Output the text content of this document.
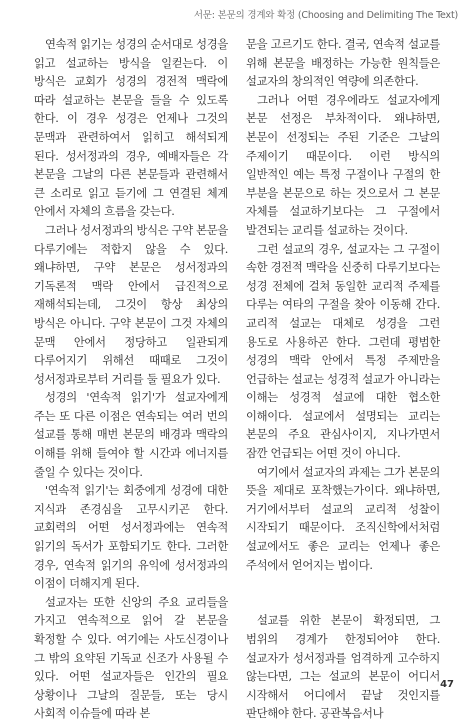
서문: 본문의 경계와 확정 (Choosing and Delimiting The Text)

연속적 읽기는 성경의 순서대로 성경을 읽고 설교하는 방식을 일컫는다. 이 방식은 교회가 성경의 경전적 맥락에 따라 설교하는 본문을 들을 수 있도록 한다. 이 경우 성경은 언제나 그것의 문맥과 관련하여서 읽히고 해석되게 된다. 성서정과의 경우, 예배자들은 각 본문을 그날의 다른 본문들과 관련해서 큰 소리로 읽고 듣기에 그 연결된 체계 안에서 자체의 흐름을 갖는다.

그러나 성서정과의 방식은 구약 본문을 다루기에는 적합지 않을 수 있다. 왜냐하면, 구약 본문은 성서정과의 기독론적 맥락 안에서 급진적으로 재해석되는데, 그것이 항상 최상의 방식은 아니다. 구약 본문이 그것 자체의 문맥 안에서 정당하고 일관되게 다루어지기 위해선 때때로 그것이 성서정과로부터 거리를 둘 필요가 있다.

성경의 '연속적 읽기'가 설교자에게 주는 또 다른 이점은 연속되는 여러 번의 설교를 통해 매번 본문의 배경과 맥락의 이해를 위해 들여야 할 시간과 에너지를 줄일 수 있다는 것이다.

'연속적 읽기'는 회중에게 성경에 대한 지식과 존경심을 고무시키곤 한다. 교회력의 어떤 성서정과에는 연속적 읽기의 독서가 포함되기도 한다. 그러한 경우, 연속적 읽기의 유익에 성서정과의 이점이 더해지게 된다.

설교자는 또한 신앙의 주요 교리들을 가지고 연속적으로 읽어 갈 본문을 확정할 수 있다. 여기에는 사도신경이나 그 밖의 요약된 기독교 신조가 사용될 수 있다. 어떤 설교자들은 인간의 필요 상황이나 그날의 질문들, 또는 당시 사회적 이슈들에 따라 본

문을 고르기도 한다. 결국, 연속적 설교를 위해 본문을 배정하는 가능한 원칙들은 설교자의 창의적인 역량에 의존한다.

그러나 어떤 경우에라도 설교자에게 본문 선정은 부차적이다. 왜냐하면, 본문이 선정되는 주된 기준은 그날의 주제이기 때문이다. 이런 방식의 일반적인 예는 특정 구절이나 구절의 한 부분을 본문으로 하는 것으로서 그 본문 자체를 설교하기보다는 그 구절에서 발견되는 교리를 설교하는 것이다.

그런 설교의 경우, 설교자는 그 구절이 속한 경전적 맥락을 신중히 다루기보다는 성경 전체에 걸쳐 동일한 교리적 주제를 다루는 여타의 구절을 찾아 이동해 간다. 교리적 설교는 대체로 성경을 그런 용도로 사용하곤 한다. 그런데 평범한 성경의 맥락 안에서 특정 주제만을 언급하는 설교는 성경적 설교가 아니라는 이해는 성경적 설교에 대한 협소한 이해이다. 설교에서 설명되는 교리는 본문의 주요 관심사이지, 지나가면서 잠깐 언급되는 어떤 것이 아니다.

여기에서 설교자의 과제는 그가 본문의 뜻을 제대로 포착했는가이다. 왜냐하면, 거기에서부터 설교의 교리적 성찰이 시작되기 때문이다. 조직신학에서처럼 설교에서도 좋은 교리는 언제나 좋은 주석에서 얻어지는 법이다.

설교를 위한 본문이 확정되면, 그 범위의 경계가 한정되어야 한다. 설교자가 성서정과를 엄격하게 고수하지 않는다면, 그는 설교의 본문이 어디서 시작해서 어디에서 끝날 것인지를 판단해야 한다. 공관복음서나

47
